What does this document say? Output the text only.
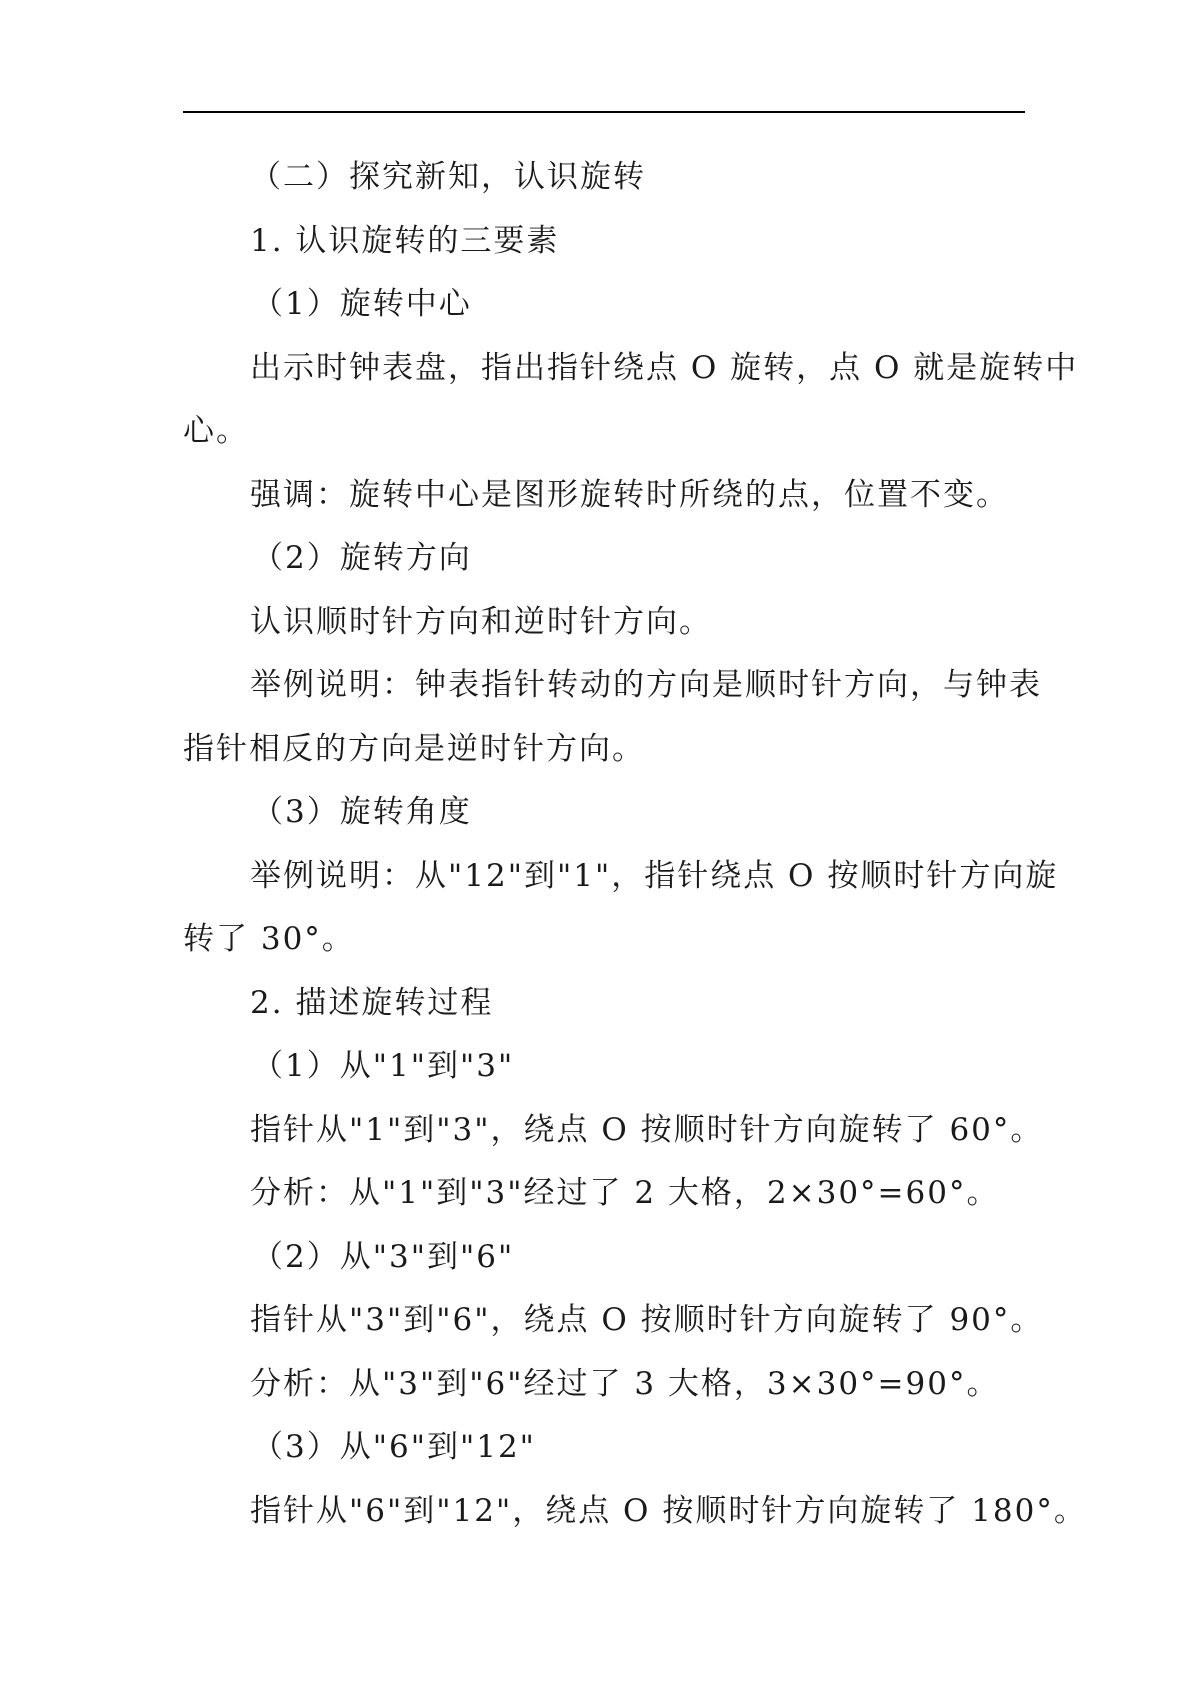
（二）探究新知，认识旋转

1. 认识旋转的三要素

（1）旋转中心

出示时钟表盘，指出指针绕点 O 旋转，点 O 就是旋转中

心。

强调：旋转中心是图形旋转时所绕的点，位置不变。

（2）旋转方向

认识顺时针方向和逆时针方向。

举例说明：钟表指针转动的方向是顺时针方向，与钟表

指针相反的方向是逆时针方向。

（3）旋转角度

举例说明：从"12"到"1"，指针绕点 O 按顺时针方向旋

转了 30°。

2. 描述旋转过程

（1）从"1"到"3"

指针从"1"到"3"，绕点 O 按顺时针方向旋转了 60°。

分析：从"1"到"3"经过了 2 大格，2×30°=60°。

（2）从"3"到"6"

指针从"3"到"6"，绕点 O 按顺时针方向旋转了 90°。

分析：从"3"到"6"经过了 3 大格，3×30°=90°。

（3）从"6"到"12"

指针从"6"到"12"，绕点 O 按顺时针方向旋转了 180°。
